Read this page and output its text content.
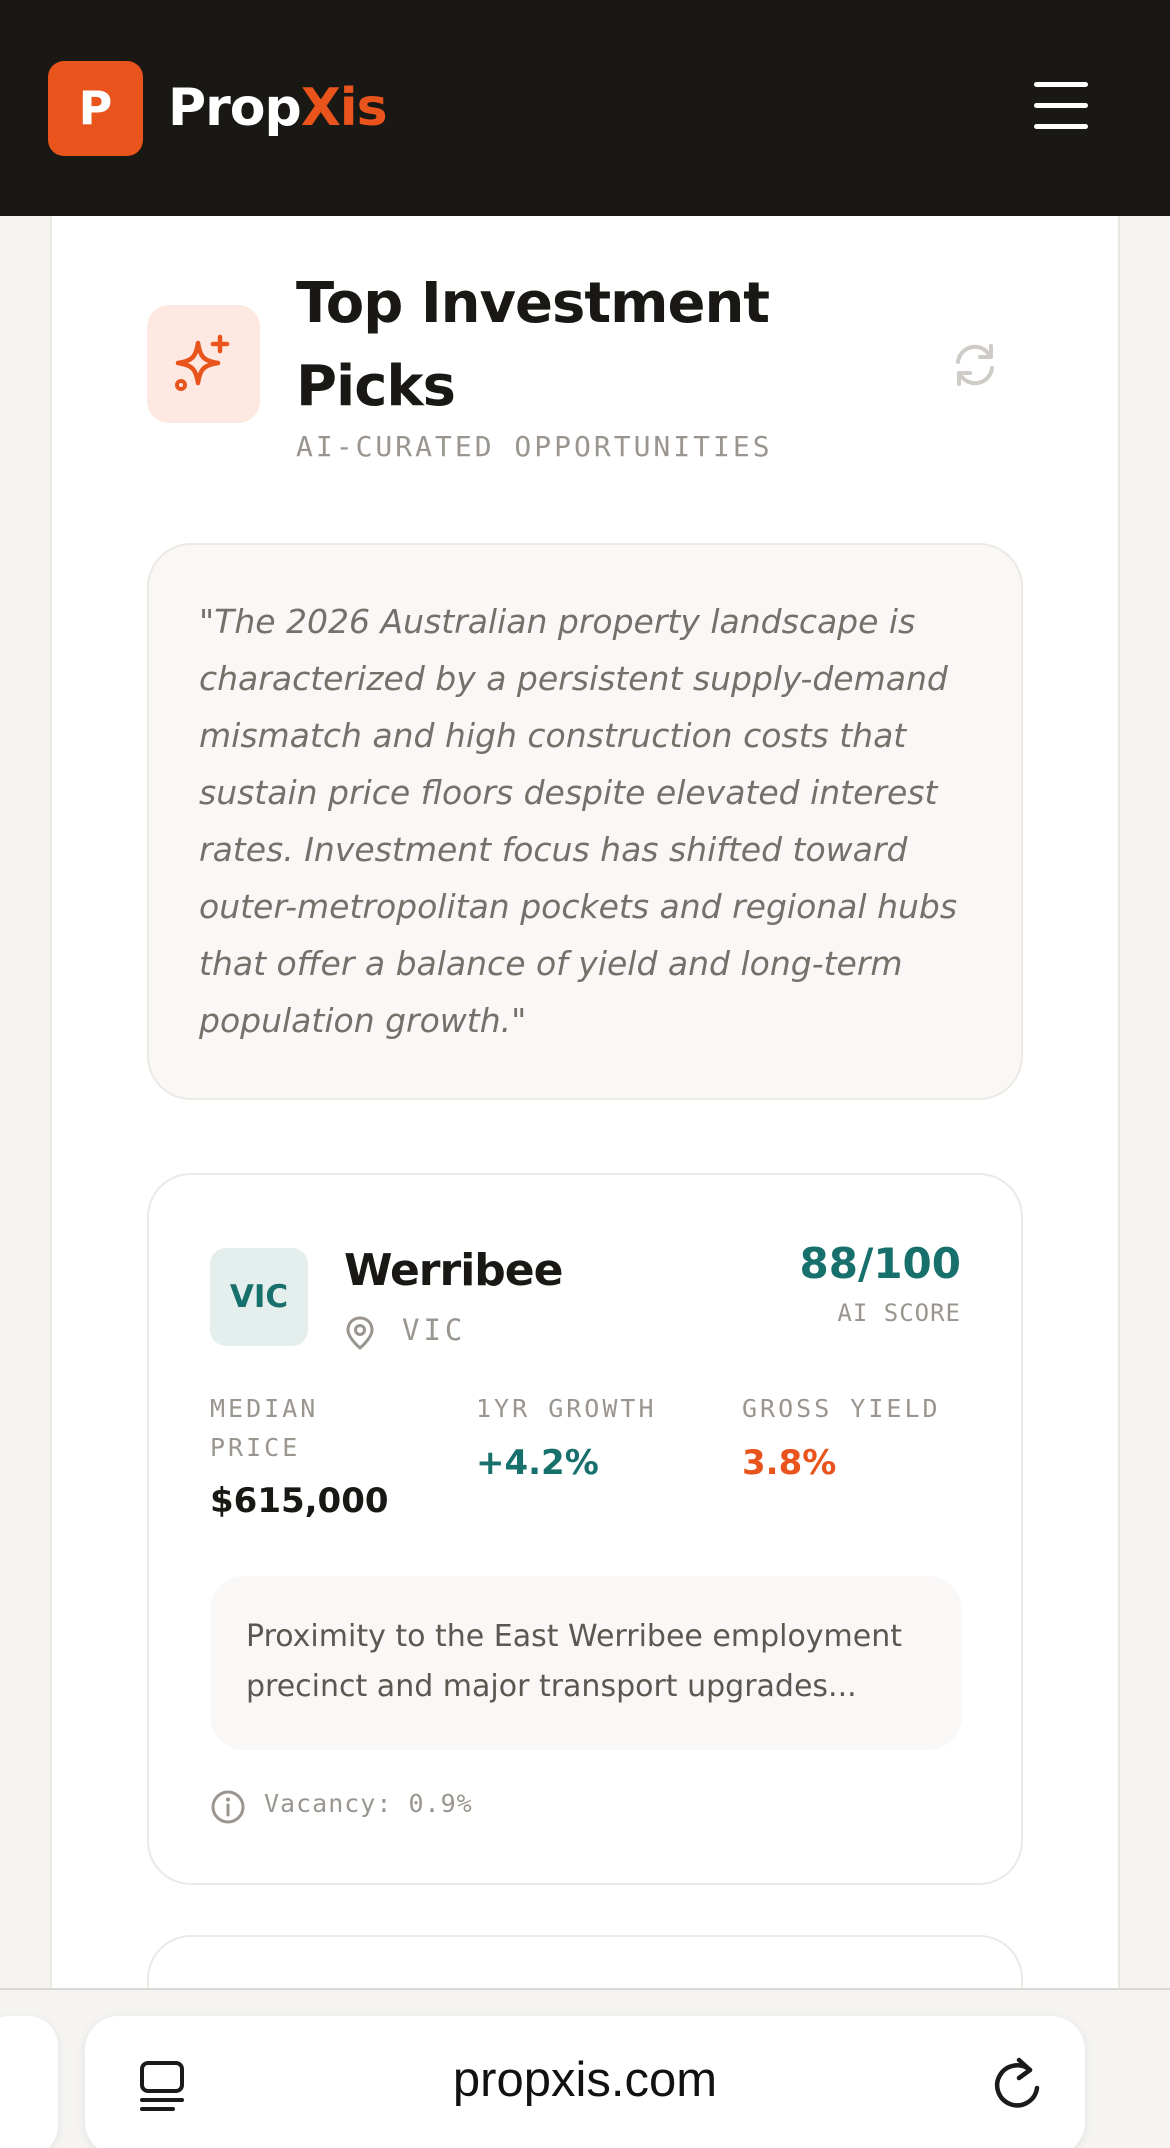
P	PropXis
Top Investment Picks
AI-CURATED OPPORTUNITIES
"The 2026 Australian property landscape is characterized by a persistent supply-demand mismatch and high construction costs that sustain price floors despite elevated interest rates. Investment focus has shifted toward outer-metropolitan pockets and regional hubs that offer a balance of yield and long-term population growth."
VIC
Werribee
VIC
88/100
AI SCORE
MEDIAN PRICE
$615,000
1YR GROWTH
+4.2%
GROSS YIELD
3.8%
Proximity to the East Werribee employment precinct and major transport upgrades...
Vacancy: 0.9%
propxis.com
